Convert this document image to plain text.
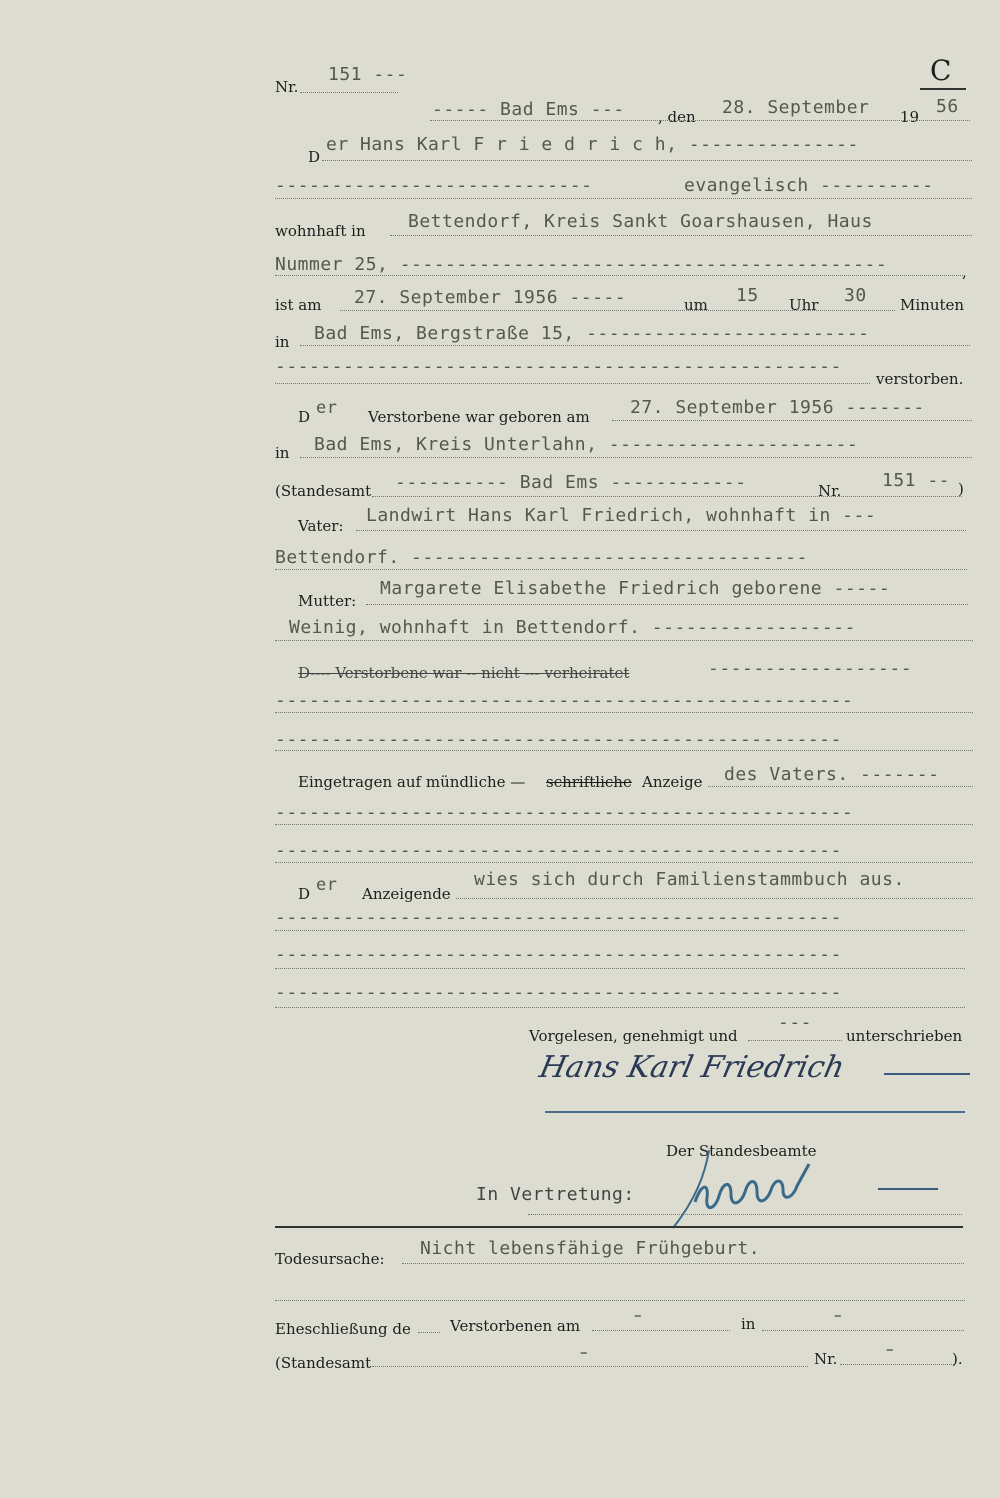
Nr.
151 ---	C
----- Bad Ems --- , den 28. September 19 56
D
er Hans Karl F r i e d r i c h, ---------------
----------------------------	evangelisch ----------
wohnhaft in Bettendorf, Kreis Sankt Goarshausen, Haus
Nummer 25, -------------------------------------------	,
ist am 27. September 1956 -----	um 15 Uhr 30 Minuten
in Bad Ems, Bergstraße 15, -------------------------
--------------------------------------------------
verstorben.
D er Verstorbene war geboren am 27. September 1956 -------
in Bad Ems, Kreis Unterlahn, ----------------------
(Standesamt ---------- Bad Ems ------------	Nr. 151 -- )
Vater: Landwirt Hans Karl Friedrich, wohnhaft in ---
Bettendorf. -----------------------------------
Mutter:
Margarete Elisabethe Friedrich geborene -----
Weinig, wohnhaft in Bettendorf. ------------------
D---- Verstorbene war -- nicht --- verheiratet	------------------
---------------------------------------------------
--------------------------------------------------
Eingetragen auf mündliche — schriftliche Anzeige des Vaters. -------
---------------------------------------------------
--------------------------------------------------
D er Anzeigende
wies sich durch Familienstammbuch aus.
--------------------------------------------------
--------------------------------------------------
--------------------------------------------------
Vorgelesen, genehmigt und
---
unterschrieben
Hans Karl Friedrich
Der Standesbeamte
In Vertretung:
Todesursache: Nicht lebensfähige Frühgeburt.
Eheschließung de	Verstorbenen am
–	in	–
(Standesamt
–	Nr.
–
).
